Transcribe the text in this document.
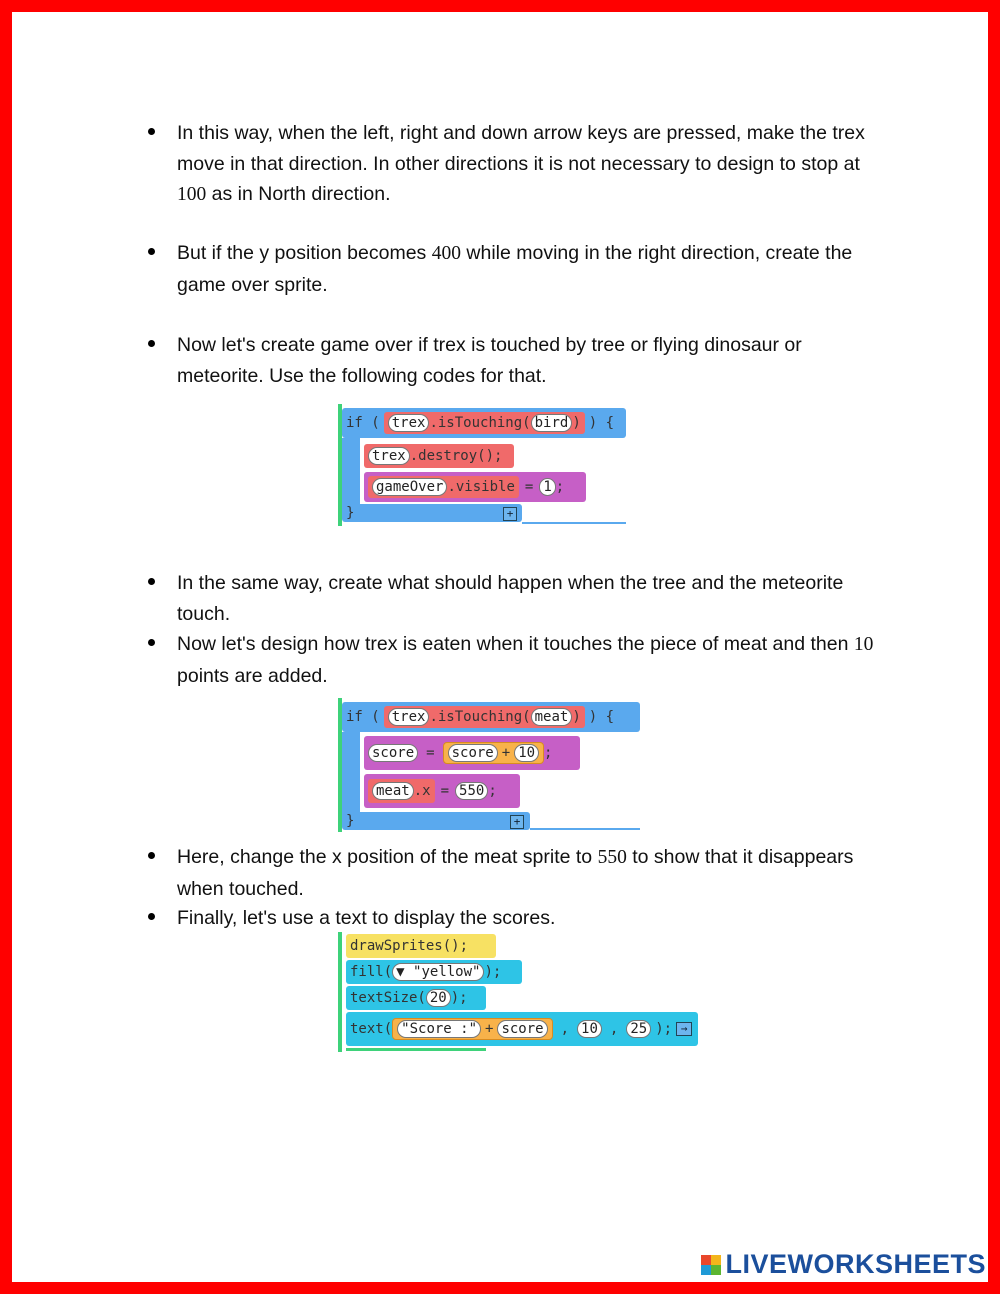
In this way, when the left, right and down arrow keys are pressed, make the trex move in that direction. In other directions it is not necessary to design to stop at 100 as in North direction.
But if the y position becomes 400 while moving in the right direction, create the game over sprite.
Now let's create game over if trex is touched by tree or flying dinosaur or meteorite. Use the following codes for that.
if ( trex .isTouching( bird ) ) {
trex .destroy();
gameOver .visible = 1 ;
}	+
In the same way, create what should happen when the tree and the meteorite touch.
Now let's design how trex is eaten when it touches the piece of meat and then 10 points are added.
if ( trex .isTouching( meat ) ) {
score = score + 10 ;
meat .x = 550 ;
}	+
Here, change the x position of the meat sprite to 550 to show that it disappears when touched.
Finally, let's use a text to display the scores.
drawSprites();
fill( ▼ "yellow" );
textSize( 20 );
text( "Score :" + score , 10 , 25 ); →
LIVEWORKSHEETS
